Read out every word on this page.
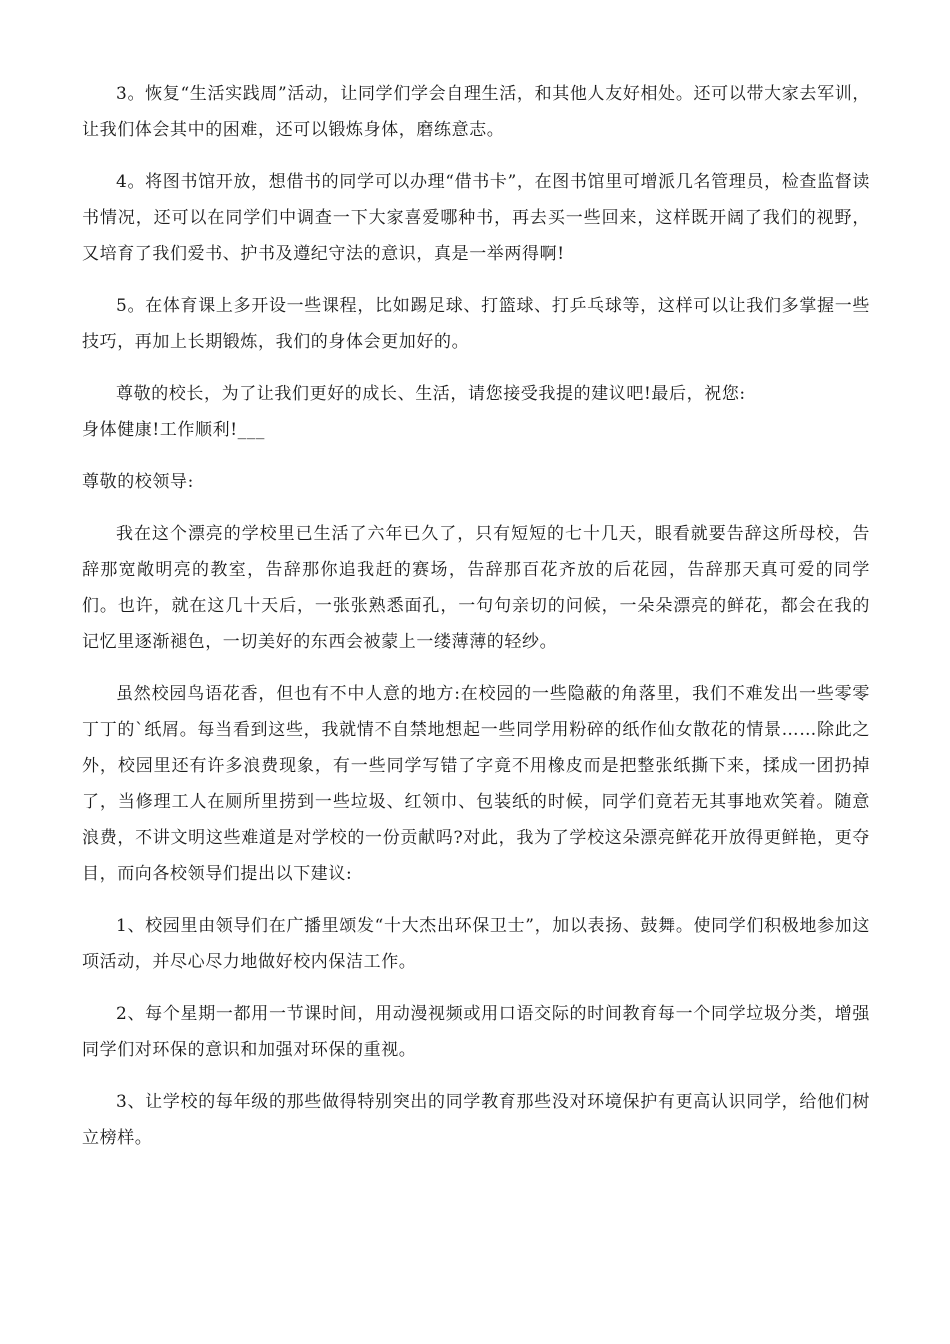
3。恢复“生活实践周”活动，让同学们学会自理生活，和其他人友好相处。还可以带大家去军训，让我们体会其中的困难，还可以锻炼身体，磨练意志。

4。将图书馆开放，想借书的同学可以办理“借书卡”，在图书馆里可增派几名管理员，检查监督读书情况，还可以在同学们中调查一下大家喜爱哪种书，再去买一些回来，这样既开阔了我们的视野，又培育了我们爱书、护书及遵纪守法的意识，真是一举两得啊!

5。在体育课上多开设一些课程，比如踢足球、打篮球、打乒乓球等，这样可以让我们多掌握一些技巧，再加上长期锻炼，我们的身体会更加好的。

尊敬的校长，为了让我们更好的成长、生活，请您接受我提的建议吧!最后，祝您:

身体健康!工作顺利!___

尊敬的校领导:

我在这个漂亮的学校里已生活了六年已久了，只有短短的七十几天，眼看就要告辞这所母校，告辞那宽敞明亮的教室，告辞那你追我赶的赛场，告辞那百花齐放的后花园，告辞那天真可爱的同学们。也许，就在这几十天后，一张张熟悉面孔，一句句亲切的问候，一朵朵漂亮的鲜花，都会在我的记忆里逐渐褪色，一切美好的东西会被蒙上一缕薄薄的轻纱。

虽然校园鸟语花香，但也有不中人意的地方:在校园的一些隐蔽的角落里，我们不难发出一些零零丁丁的`纸屑。每当看到这些，我就情不自禁地想起一些同学用粉碎的纸作仙女散花的情景……除此之外，校园里还有许多浪费现象，有一些同学写错了字竟不用橡皮而是把整张纸撕下来，揉成一团扔掉了，当修理工人在厕所里捞到一些垃圾、红领巾、包装纸的时候，同学们竟若无其事地欢笑着。随意浪费，不讲文明这些难道是对学校的一份贡献吗?对此，我为了学校这朵漂亮鲜花开放得更鲜艳，更夺目，而向各校领导们提出以下建议:

1、校园里由领导们在广播里颂发“十大杰出环保卫士”，加以表扬、鼓舞。使同学们积极地参加这项活动，并尽心尽力地做好校内保洁工作。

2、每个星期一都用一节课时间，用动漫视频或用口语交际的时间教育每一个同学垃圾分类，增强同学们对环保的意识和加强对环保的重视。

3、让学校的每年级的那些做得特别突出的同学教育那些没对环境保护有更高认识同学，给他们树立榜样。
